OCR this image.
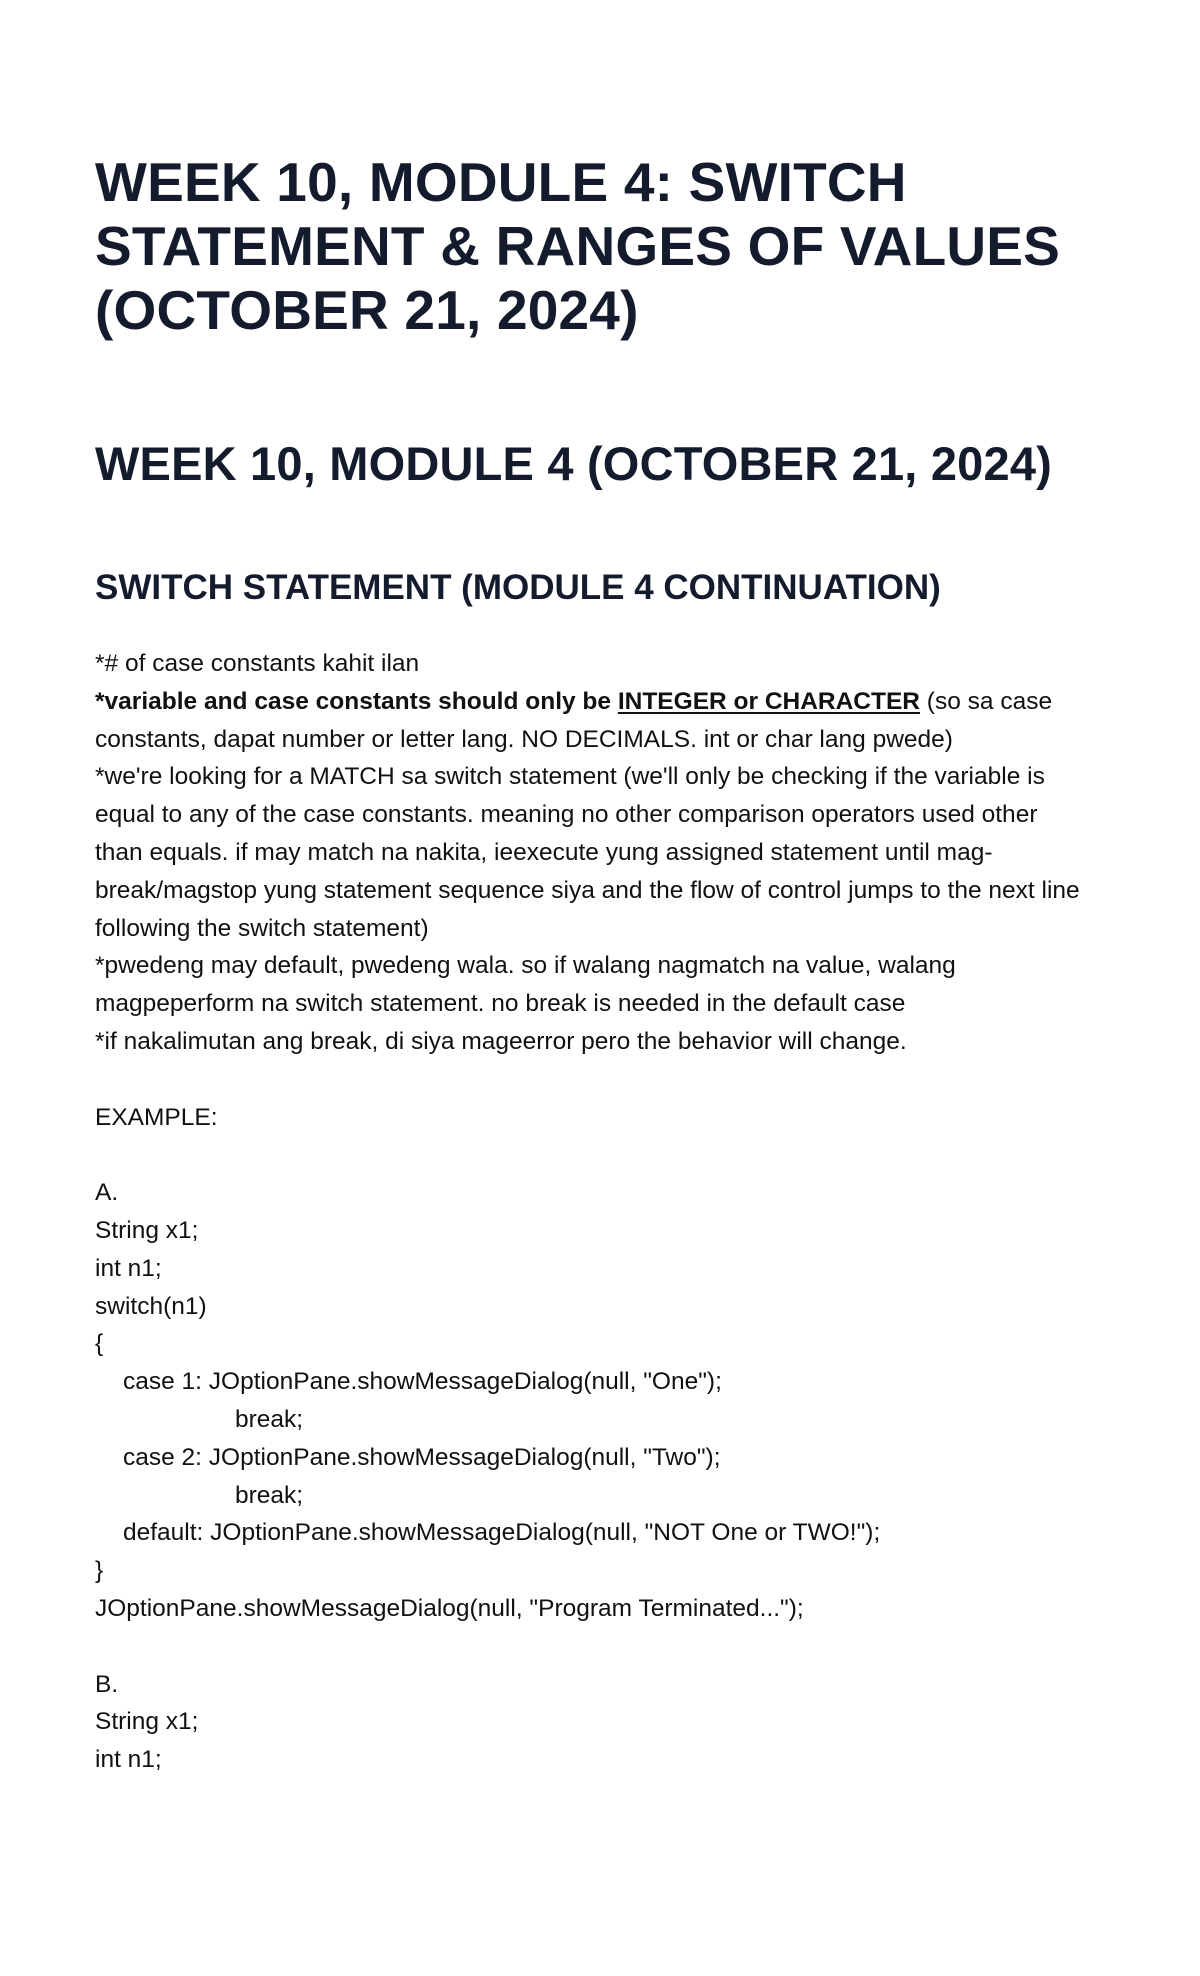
WEEK 10, MODULE 4: SWITCH STATEMENT & RANGES OF VALUES (OCTOBER 21, 2024)
WEEK 10, MODULE 4 (OCTOBER 21, 2024)
SWITCH STATEMENT (MODULE 4 CONTINUATION)
*# of case constants kahit ilan
*variable and case constants should only be INTEGER or CHARACTER (so sa case
constants, dapat number or letter lang. NO DECIMALS. int or char lang pwede)
*we're looking for a MATCH sa switch statement (we'll only be checking if the variable is
equal to any of the case constants. meaning no other comparison operators used other
than equals. if may match na nakita, ieexecute yung assigned statement until mag-
break/magstop yung statement sequence siya and the flow of control jumps to the next line
following the switch statement)
*pwedeng may default, pwedeng wala. so if walang nagmatch na value, walang
magpeperform na switch statement. no break is needed in the default case
*if nakalimutan ang break, di siya mageerror pero the behavior will change.
EXAMPLE:
A.
String x1;
int n1;
switch(n1)
{
case 1: JOptionPane.showMessageDialog(null, "One");
break;
case 2: JOptionPane.showMessageDialog(null, "Two");
break;
default: JOptionPane.showMessageDialog(null, "NOT One or TWO!");
}
JOptionPane.showMessageDialog(null, "Program Terminated...");
B.
String x1;
int n1;
